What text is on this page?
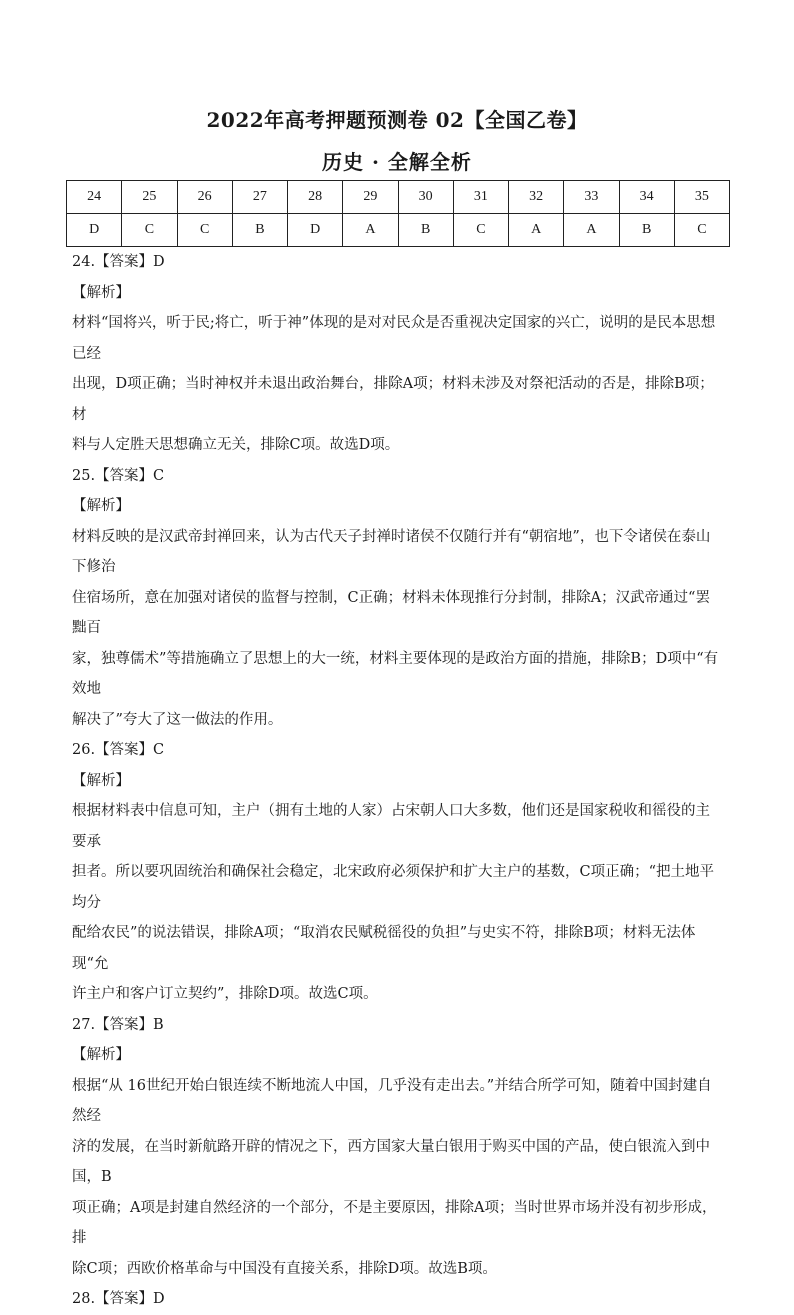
2022年高考押题预测卷 02【全国乙卷】
历史 · 全解全析
24	25	26	27	28	29	30	31	32	33	34	35
D	C	C	B	D	A	B	C	A	A	B	C

24.【答案】D

【解析】

材料“国将兴，听于民;将亡，听于神”体现的是对对民众是否重视决定国家的兴亡，说明的是民本思想已经

出现，D项正确；当时神权并未退出政治舞台，排除A项；材料未涉及对祭祀活动的否是，排除B项；材

料与人定胜天思想确立无关，排除C项。故选D项。

25.【答案】C

【解析】

材料反映的是汉武帝封禅回来，认为古代天子封禅时诸侯不仅随行并有“朝宿地”，也下令诸侯在泰山下修治

住宿场所，意在加强对诸侯的监督与控制，C正确；材料未体现推行分封制，排除A；汉武帝通过“罢黜百

家，独尊儒术”等措施确立了思想上的大一统，材料主要体现的是政治方面的措施，排除B；D项中“有效地

解决了”夸大了这一做法的作用。

26.【答案】C

【解析】

根据材料表中信息可知，主户（拥有土地的人家）占宋朝人口大多数，他们还是国家税收和徭役的主要承

担者。所以要巩固统治和确保社会稳定，北宋政府必须保护和扩大主户的基数，C项正确；“把土地平均分

配给农民”的说法错误，排除A项；“取消农民赋税徭役的负担”与史实不符，排除B项；材料无法体现“允

许主户和客户订立契约”，排除D项。故选C项。

27.【答案】B

【解析】

根据“从 16世纪开始白银连续不断地流人中国，几乎没有走出去。”并结合所学可知，随着中国封建自然经

济的发展，在当时新航路开辟的情况之下，西方国家大量白银用于购买中国的产品，使白银流入到中国，B

项正确；A项是封建自然经济的一个部分，不是主要原因，排除A项；当时世界市场并没有初步形成，排

除C项；西欧价格革命与中国没有直接关系，排除D项。故选B项。

28.【答案】D
